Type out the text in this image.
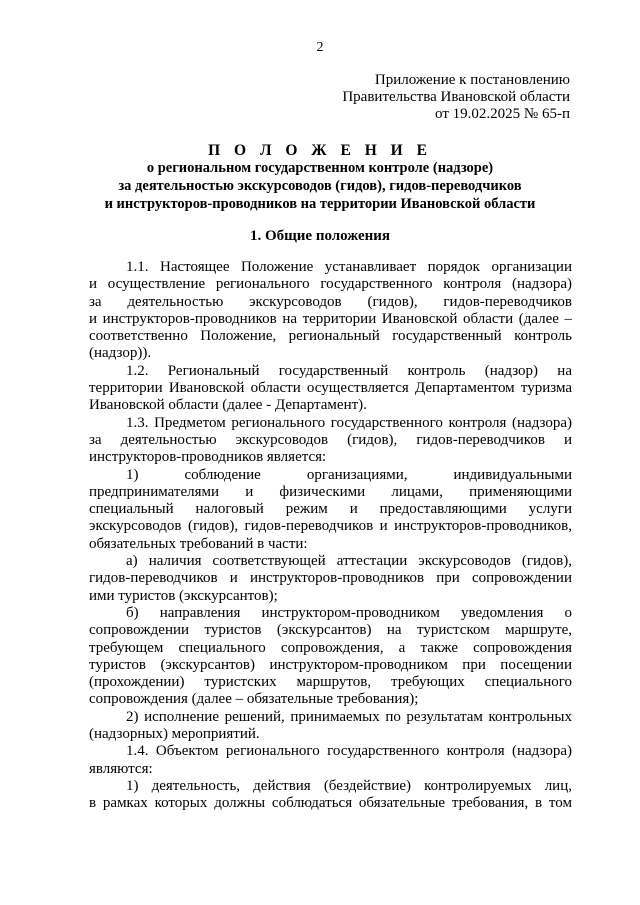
2
Приложение к постановлению
Правительства Ивановской области
от 19.02.2025 № 65-п
П О Л О Ж Е Н И Е
о региональном государственном контроле (надзоре)
за деятельностью экскурсоводов (гидов), гидов-переводчиков
и инструкторов-проводников на территории Ивановской области
1. Общие положения
1.1. Настоящее Положение устанавливает порядок организации
и осуществление регионального государственного контроля (надзора)
за деятельностью экскурсоводов (гидов), гидов-переводчиков
и инструкторов-проводников на территории Ивановской области (далее –
соответственно Положение, региональный государственный контроль
(надзор)).
1.2. Региональный государственный контроль (надзор) на
территории Ивановской области осуществляется Департаментом туризма
Ивановской области (далее - Департамент).
1.3. Предметом регионального государственного контроля (надзора)
за деятельностью экскурсоводов (гидов), гидов-переводчиков и
инструкторов-проводников является:
1) соблюдение организациями, индивидуальными
предпринимателями и физическими лицами, применяющими
специальный налоговый режим и предоставляющими услуги
экскурсоводов (гидов), гидов-переводчиков и инструкторов-проводников,
обязательных требований в части:
а) наличия соответствующей аттестации экскурсоводов (гидов),
гидов-переводчиков и инструкторов-проводников при сопровождении
ими туристов (экскурсантов);
б) направления инструктором-проводником уведомления о
сопровождении туристов (экскурсантов) на туристском маршруте,
требующем специального сопровождения, а также сопровождения
туристов (экскурсантов) инструктором-проводником при посещении
(прохождении) туристских маршрутов, требующих специального
сопровождения (далее – обязательные требования);
2) исполнение решений, принимаемых по результатам контрольных
(надзорных) мероприятий.
1.4. Объектом регионального государственного контроля (надзора)
являются:
1) деятельность, действия (бездействие) контролируемых лиц,
в рамках которых должны соблюдаться обязательные требования, в том
